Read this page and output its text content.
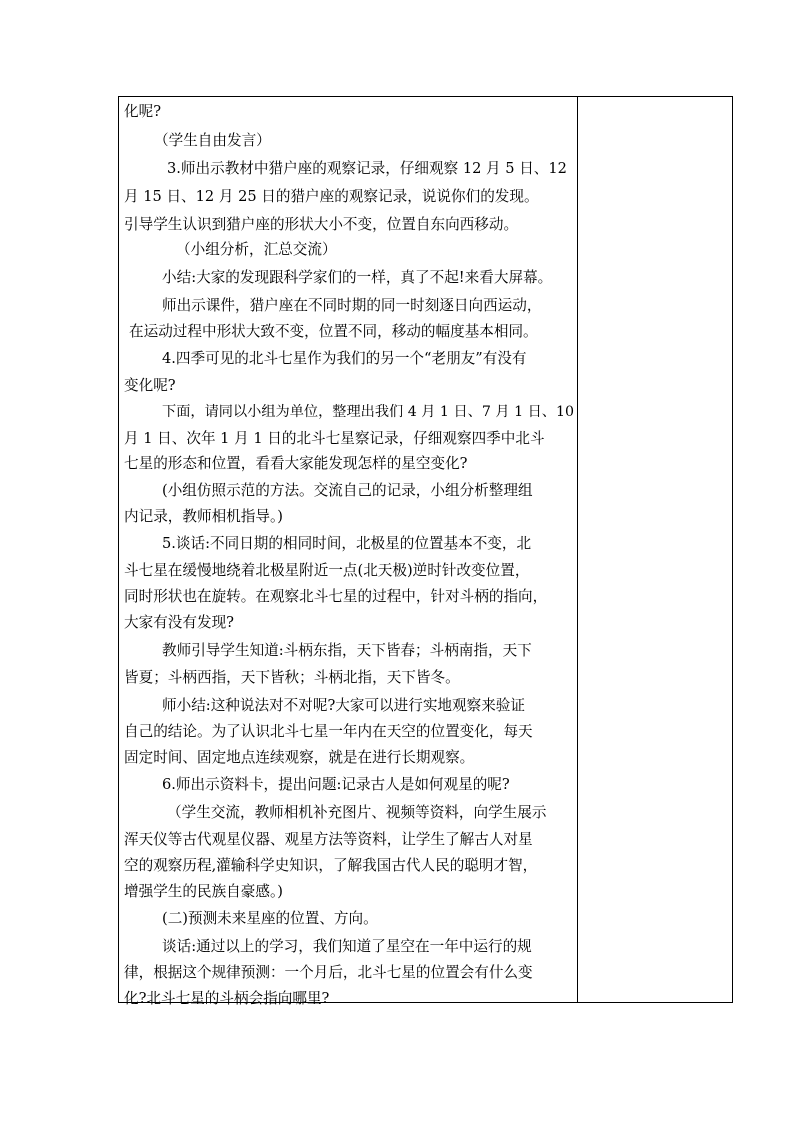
化呢?
（学生自由发言）
3.师出示教材中猎户座的观察记录，仔细观察 12 月 5 日、12
月 15 日、12 月 25 日的猎户座的观察记录，说说你们的发现。
引导学生认识到猎户座的形状大小不变，位置自东向西移动。
（小组分析，汇总交流）
小结:大家的发现跟科学家们的一样，真了不起!来看大屏幕。
师出示课件，猎户座在不同时期的同一时刻逐日向西运动，
在运动过程中形状大致不变，位置不同，移动的幅度基本相同。
4.四季可见的北斗七星作为我们的另一个“老朋友”有没有
变化呢?
下面，请同以小组为单位，整理出我们 4 月 1 日、7 月 1 日、10
月 1 日、次年 1 月 1 日的北斗七星察记录，仔细观察四季中北斗
七星的形态和位置，看看大家能发现怎样的星空变化?
(小组仿照示范的方法。交流自己的记录，小组分析整理组
内记录，教师相机指导。)
5.谈话:不同日期的相同时间，北极星的位置基本不变，北
斗七星在缓慢地绕着北极星附近一点(北天极)逆时针改变位置，
同时形状也在旋转。在观察北斗七星的过程中，针对斗柄的指向，
大家有没有发现?
教师引导学生知道:斗柄东指，天下皆春；斗柄南指，天下
皆夏；斗柄西指，天下皆秋；斗柄北指，天下皆冬。
师小结:这种说法对不对呢?大家可以进行实地观察来验证
自己的结论。为了认识北斗七星一年内在天空的位置变化，每天
固定时间、固定地点连续观察，就是在进行长期观察。
6.师出示资料卡，提出问题:记录古人是如何观星的呢?
（学生交流，教师相机补充图片、视频等资料，向学生展示
浑天仪等古代观星仪器、观星方法等资料，让学生了解古人对星
空的观察历程,灌输科学史知识，了解我国古代人民的聪明才智，
增强学生的民族自豪感。)
(二)预测未来星座的位置、方向。
谈话:通过以上的学习，我们知道了星空在一年中运行的规
律，根据这个规律预测：一个月后，北斗七星的位置会有什么变
化?北斗七星的斗柄会指向哪里?
